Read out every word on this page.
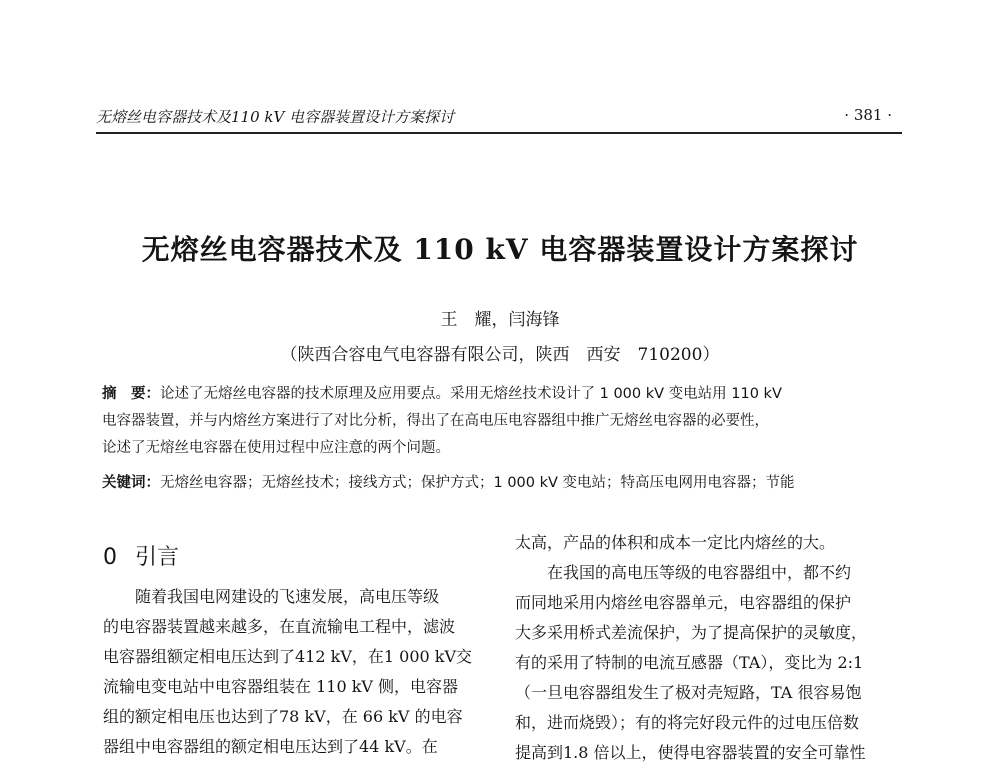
无熔丝电容器技术及110 kV 电容器装置设计方案探讨	· 381 ·
无熔丝电容器技术及 110 kV 电容器装置设计方案探讨
王　耀，闫海锋
（陕西合容电气电容器有限公司，陕西　西安　710200）
摘　要：论述了无熔丝电容器的技术原理及应用要点。采用无熔丝技术设计了 1 000 kV 变电站用 110 kV
电容器装置，并与内熔丝方案进行了对比分析，得出了在高电压电容器组中推广无熔丝电容器的必要性，
论述了无熔丝电容器在使用过程中应注意的两个问题。
关键词：无熔丝电容器；无熔丝技术；接线方式；保护方式；1 000 kV 变电站；特高压电网用电容器；节能
0 引言
　　随着我国电网建设的飞速发展，高电压等级
的电容器装置越来越多，在直流输电工程中，滤波
电容器组额定相电压达到了412 kV，在1 000 kV交
流输电变电站中电容器组装在 110 kV 侧，电容器
组的额定相电压也达到了78 kV，在 66 kV 的电容
器组中电容器组的额定相电压达到了44 kV。在
太高，产品的体积和成本一定比内熔丝的大。
　　在我国的高电压等级的电容器组中，都不约
而同地采用内熔丝电容器单元，电容器组的保护
大多采用桥式差流保护，为了提高保护的灵敏度，
有的采用了特制的电流互感器（TA），变比为 2:1
（一旦电容器组发生了极对壳短路，TA 很容易饱
和，进而烧毁）；有的将完好段元件的过电压倍数
提高到1.8 倍以上，使得电容器装置的安全可靠性
